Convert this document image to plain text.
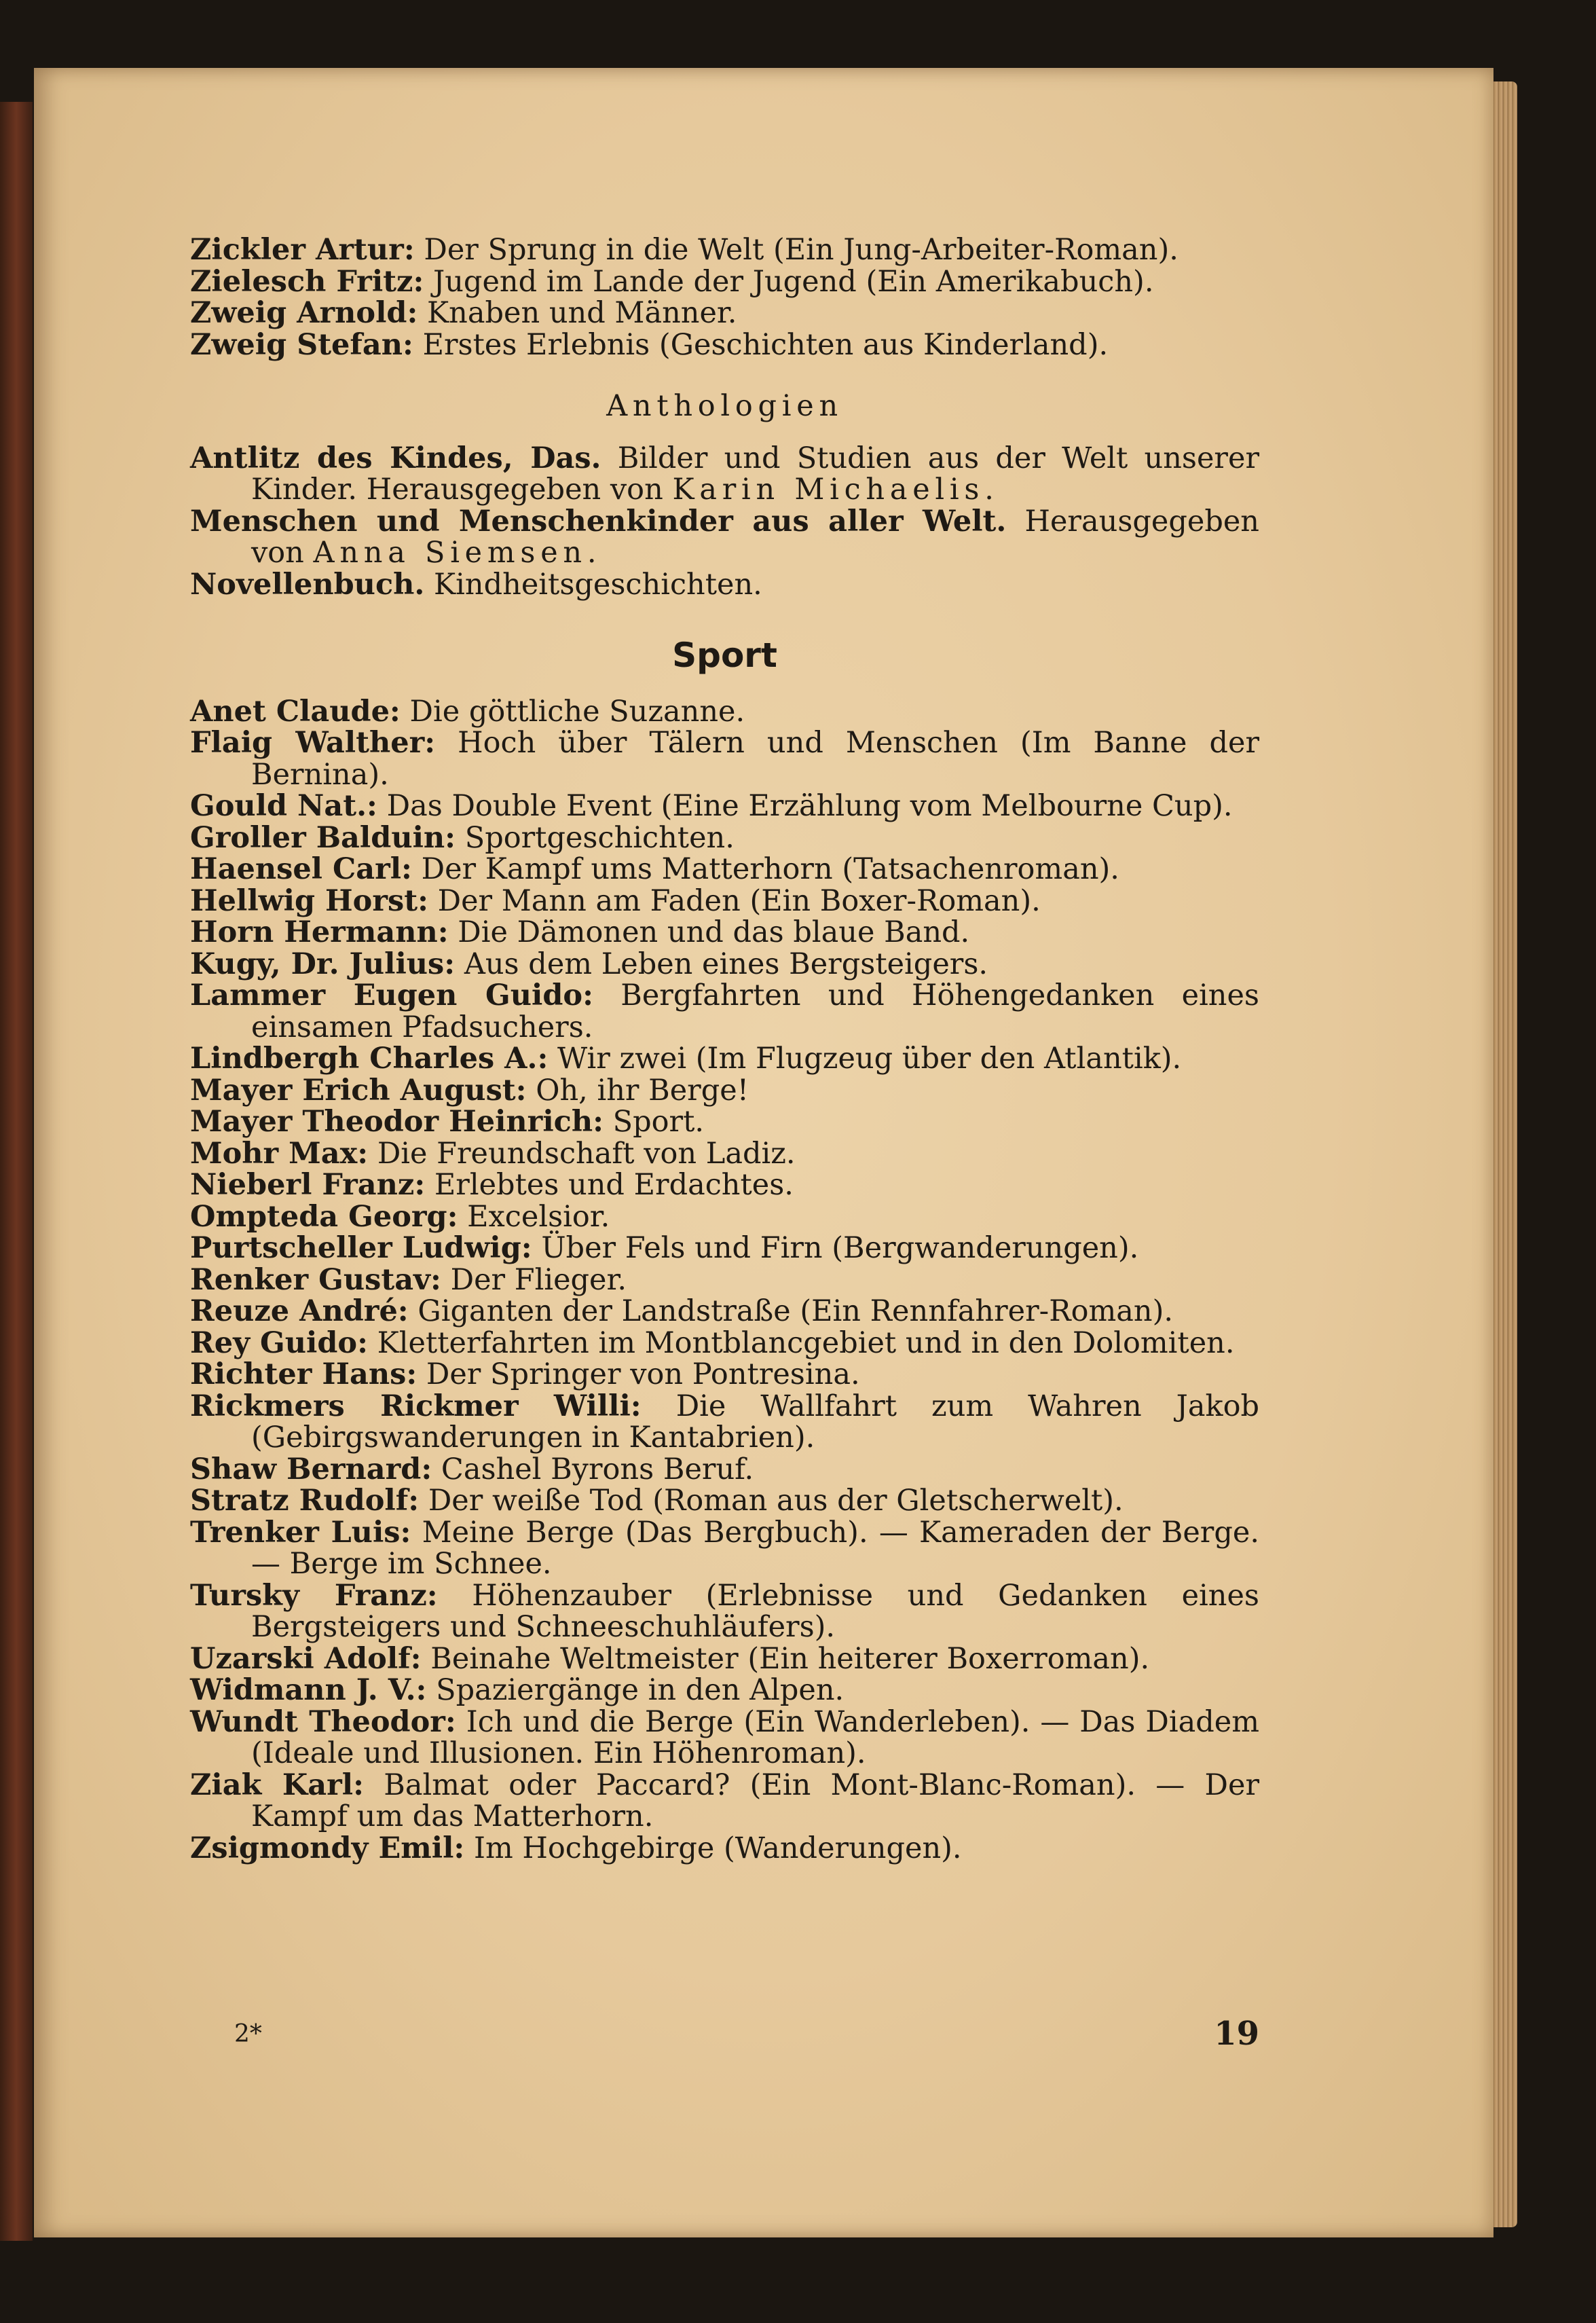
Zickler Artur: Der Sprung in die Welt (Ein Jung-Arbeiter-Roman).

Zielesch Fritz: Jugend im Lande der Jugend (Ein Amerikabuch).

Zweig Arnold: Knaben und Männer.

Zweig Stefan: Erstes Erlebnis (Geschichten aus Kinderland).

Anthologien

Antlitz des Kindes, Das. Bilder und Studien aus der Welt unserer Kinder. Herausgegeben von Karin Michaelis.

Menschen und Menschenkinder aus aller Welt. Herausgegeben von Anna Siemsen.

Novellenbuch. Kindheitsgeschichten.

Sport

Anet Claude: Die göttliche Suzanne.

Flaig Walther: Hoch über Tälern und Menschen (Im Banne der Bernina).

Gould Nat.: Das Double Event (Eine Erzählung vom Melbourne Cup).

Groller Balduin: Sportgeschichten.

Haensel Carl: Der Kampf ums Matterhorn (Tatsachenroman).

Hellwig Horst: Der Mann am Faden (Ein Boxer-Roman).

Horn Hermann: Die Dämonen und das blaue Band.

Kugy, Dr. Julius: Aus dem Leben eines Bergsteigers.

Lammer Eugen Guido: Bergfahrten und Höhengedanken eines einsamen Pfadsuchers.

Lindbergh Charles A.: Wir zwei (Im Flugzeug über den Atlantik).

Mayer Erich August: Oh, ihr Berge!

Mayer Theodor Heinrich: Sport.

Mohr Max: Die Freundschaft von Ladiz.

Nieberl Franz: Erlebtes und Erdachtes.

Ompteda Georg: Excelsior.

Purtscheller Ludwig: Über Fels und Firn (Bergwanderungen).

Renker Gustav: Der Flieger.

Reuze André: Giganten der Landstraße (Ein Rennfahrer-Roman).

Rey Guido: Kletterfahrten im Montblancgebiet und in den Dolomiten.

Richter Hans: Der Springer von Pontresina.

Rickmers Rickmer Willi: Die Wallfahrt zum Wahren Jakob (Gebirgswanderungen in Kantabrien).

Shaw Bernard: Cashel Byrons Beruf.

Stratz Rudolf: Der weiße Tod (Roman aus der Gletscherwelt).

Trenker Luis: Meine Berge (Das Bergbuch). — Kameraden der Berge. — Berge im Schnee.

Tursky Franz: Höhenzauber (Erlebnisse und Gedanken eines Bergsteigers und Schneeschuhläufers).

Uzarski Adolf: Beinahe Weltmeister (Ein heiterer Boxerroman).

Widmann J. V.: Spaziergänge in den Alpen.

Wundt Theodor: Ich und die Berge (Ein Wanderleben). — Das Diadem (Ideale und Illusionen. Ein Höhenroman).

Ziak Karl: Balmat oder Paccard? (Ein Mont-Blanc-Roman). — Der Kampf um das Matterhorn.

Zsigmondy Emil: Im Hochgebirge (Wanderungen).

2*	19
